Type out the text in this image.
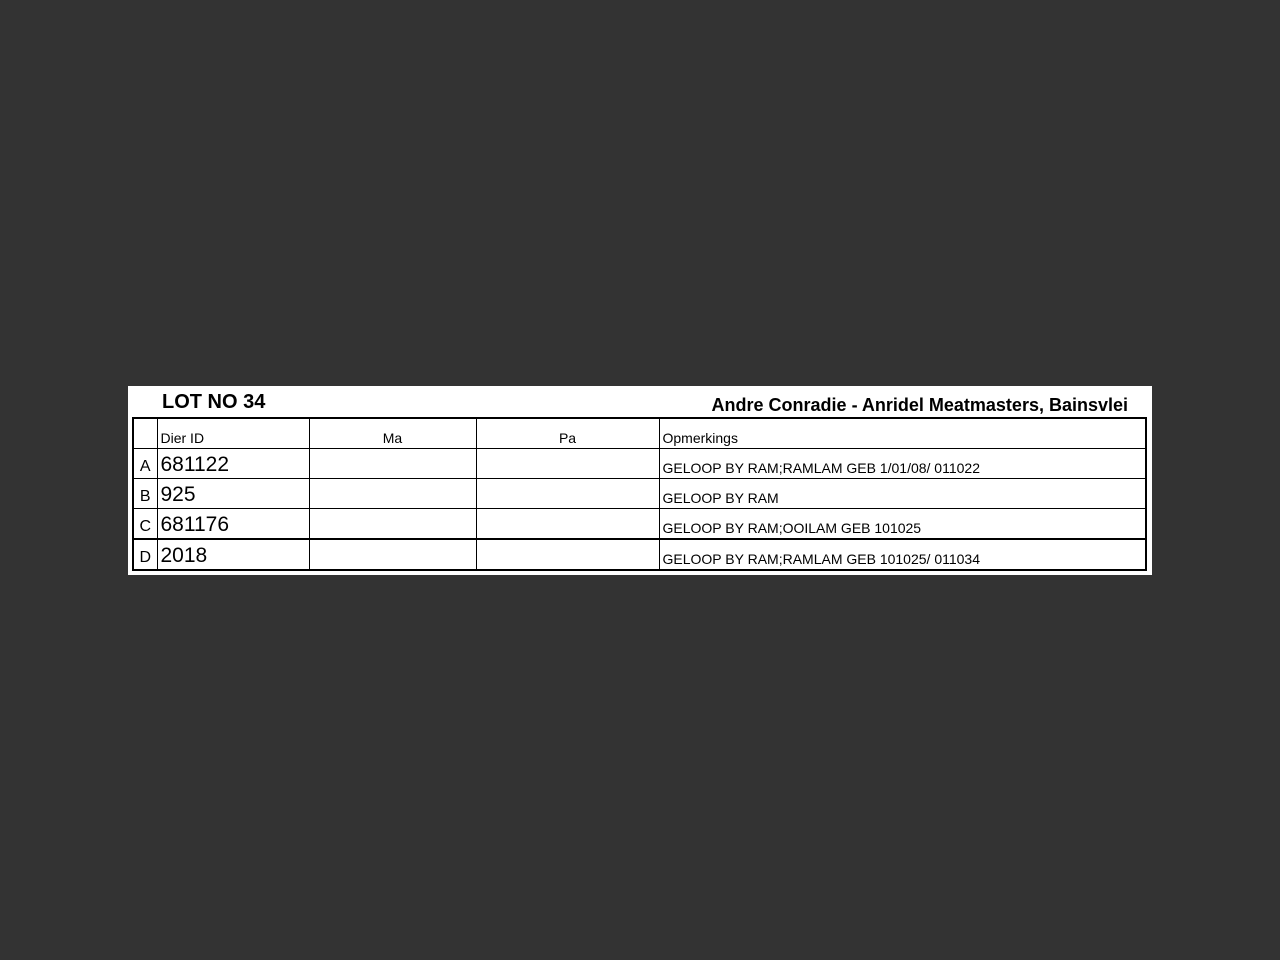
LOT NO 34	Andre Conradie - Anridel Meatmasters, Bainsvlei
	Dier ID	Ma	Pa	Opmerkings
A	681122			GELOOP BY RAM;RAMLAM GEB 1/01/08/ 011022
B	925			GELOOP BY RAM
C	681176			GELOOP BY RAM;OOILAM GEB 101025
D	2018			GELOOP BY RAM;RAMLAM GEB 101025/ 011034
